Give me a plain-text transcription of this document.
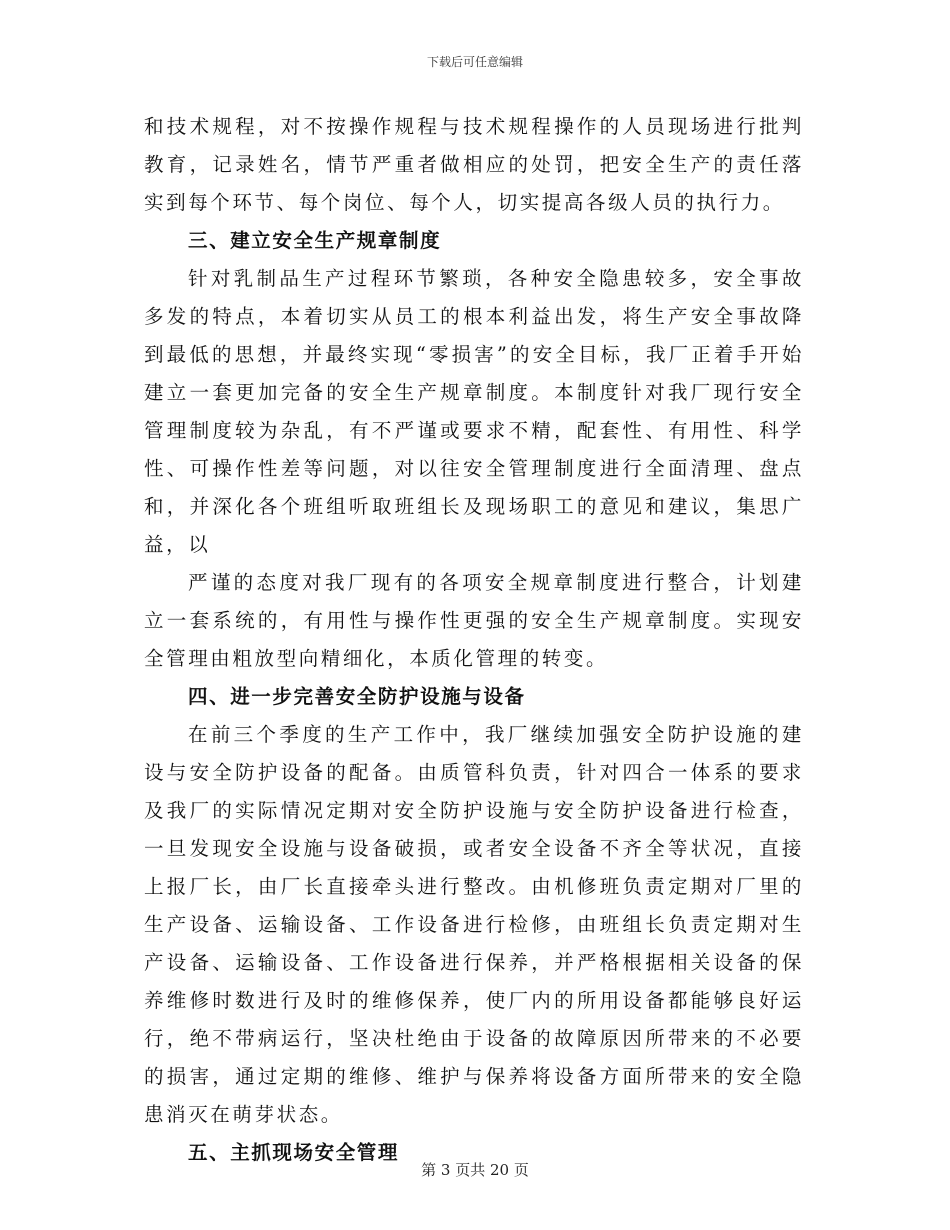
下载后可任意编辑

和技术规程，对不按操作规程与技术规程操作的人员现场进行批判教育，记录姓名，情节严重者做相应的处罚，把安全生产的责任落实到每个环节、每个岗位、每个人，切实提高各级人员的执行力。

三、建立安全生产规章制度

针对乳制品生产过程环节繁琐，各种安全隐患较多，安全事故多发的特点，本着切实从员工的根本利益出发，将生产安全事故降到最低的思想，并最终实现“零损害”的安全目标，我厂正着手开始建立一套更加完备的安全生产规章制度。本制度针对我厂现行安全管理制度较为杂乱，有不严谨或要求不精，配套性、有用性、科学性、可操作性差等问题，对以往安全管理制度进行全面清理、盘点和，并深化各个班组听取班组长及现场职工的意见和建议，集思广益，以

严谨的态度对我厂现有的各项安全规章制度进行整合，计划建立一套系统的，有用性与操作性更强的安全生产规章制度。实现安全管理由粗放型向精细化，本质化管理的转变。

四、进一步完善安全防护设施与设备

在前三个季度的生产工作中，我厂继续加强安全防护设施的建设与安全防护设备的配备。由质管科负责，针对四合一体系的要求及我厂的实际情况定期对安全防护设施与安全防护设备进行检查，一旦发现安全设施与设备破损，或者安全设备不齐全等状况，直接上报厂长，由厂长直接牵头进行整改。由机修班负责定期对厂里的生产设备、运输设备、工作设备进行检修，由班组长负责定期对生产设备、运输设备、工作设备进行保养，并严格根据相关设备的保养维修时数进行及时的维修保养，使厂内的所用设备都能够良好运行，绝不带病运行，坚决杜绝由于设备的故障原因所带来的不必要的损害，通过定期的维修、维护与保养将设备方面所带来的安全隐患消灭在萌芽状态。

五、主抓现场安全管理

第 3 页共 20 页
